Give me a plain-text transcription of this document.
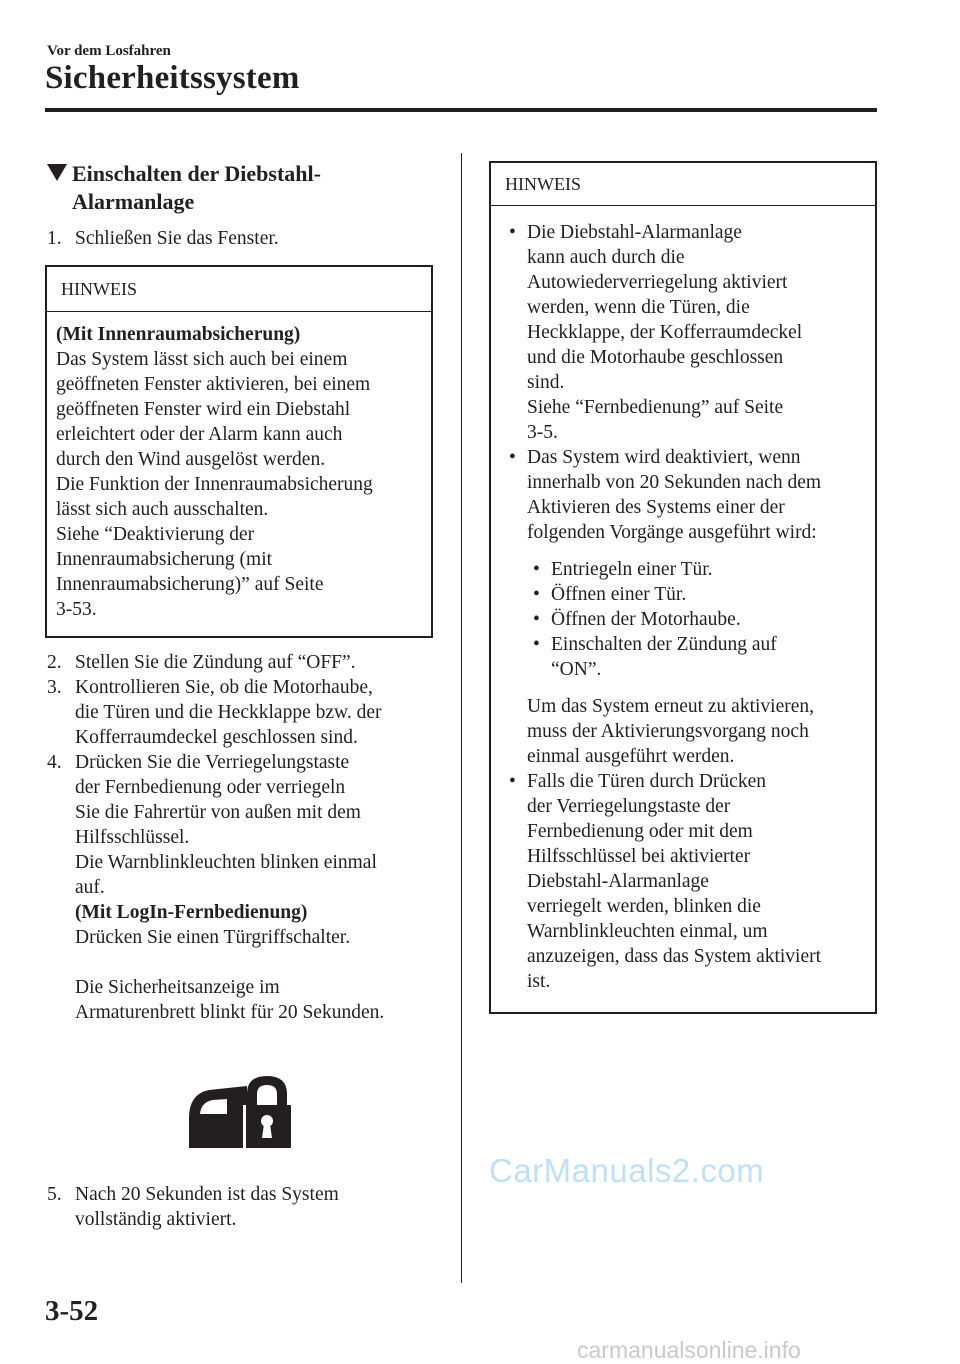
Vor dem Losfahren
Sicherheitssystem
Einschalten der Diebstahl-
Alarmanlage
1. Schließen Sie das Fenster.
HINWEIS
(Mit Innenraumabsicherung)
Das System lässt sich auch bei einem
geöffneten Fenster aktivieren, bei einem
geöffneten Fenster wird ein Diebstahl
erleichtert oder der Alarm kann auch
durch den Wind ausgelöst werden.
Die Funktion der Innenraumabsicherung
lässt sich auch ausschalten.
Siehe “Deaktivierung der
Innenraumabsicherung (mit
Innenraumabsicherung)” auf Seite
3-53.
2. Stellen Sie die Zündung auf “OFF”.
3. Kontrollieren Sie, ob die Motorhaube,
die Türen und die Heckklappe bzw. der
Kofferraumdeckel geschlossen sind.
4. Drücken Sie die Verriegelungstaste
der Fernbedienung oder verriegeln
Sie die Fahrertür von außen mit dem
Hilfsschlüssel.
Die Warnblinkleuchten blinken einmal
auf.
(Mit LogIn-Fernbedienung)
Drücken Sie einen Türgriffschalter.
Die Sicherheitsanzeige im
Armaturenbrett blinkt für 20 Sekunden.
5. Nach 20 Sekunden ist das System
vollständig aktiviert.
HINWEIS
• Die Diebstahl-Alarmanlage
kann auch durch die
Autowiederverriegelung aktiviert
werden, wenn die Türen, die
Heckklappe, der Kofferraumdeckel
und die Motorhaube geschlossen
sind.
Siehe “Fernbedienung” auf Seite
3-5.
• Das System wird deaktiviert, wenn
innerhalb von 20 Sekunden nach dem
Aktivieren des Systems einer der
folgenden Vorgänge ausgeführt wird:
• Entriegeln einer Tür.
• Öffnen einer Tür.
• Öffnen der Motorhaube.
• Einschalten der Zündung auf
“ON”.
Um das System erneut zu aktivieren,
muss der Aktivierungsvorgang noch
einmal ausgeführt werden.
• Falls die Türen durch Drücken
der Verriegelungstaste der
Fernbedienung oder mit dem
Hilfsschlüssel bei aktivierter
Diebstahl-Alarmanlage
verriegelt werden, blinken die
Warnblinkleuchten einmal, um
anzuzeigen, dass das System aktiviert
ist.
CarManuals2.com
3-52
carmanualsonline.info
